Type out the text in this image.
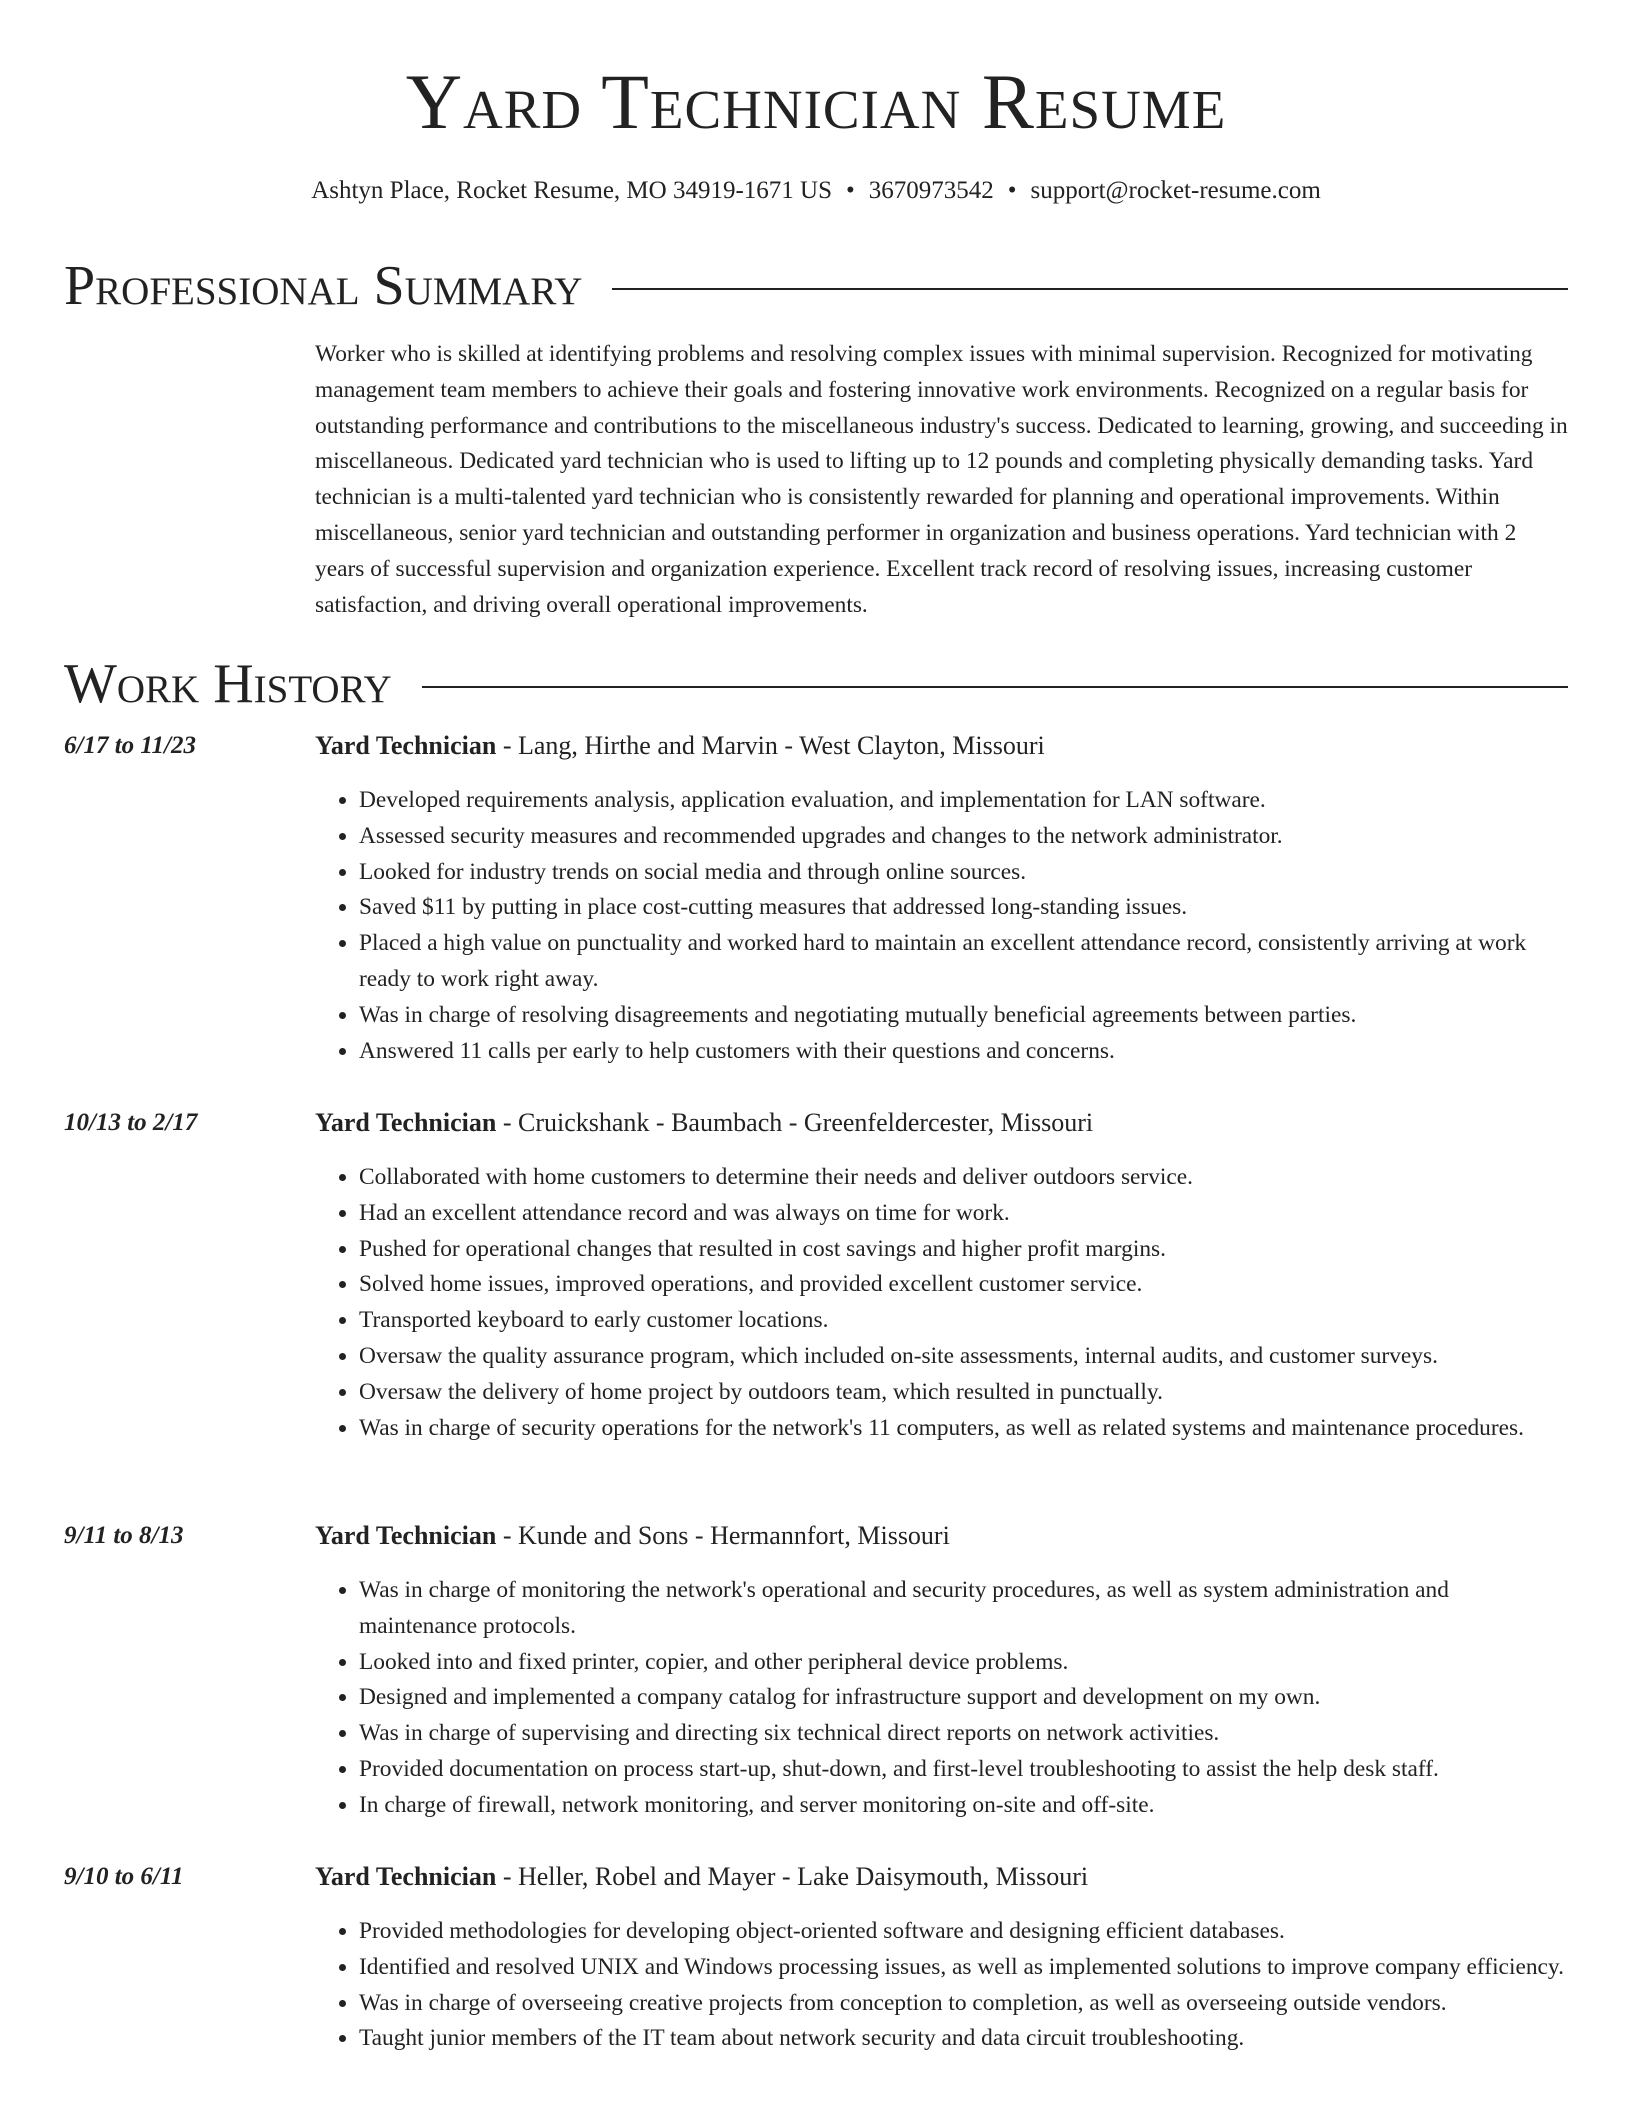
Yard Technician Resume
Ashtyn Place, Rocket Resume, MO 34919-1671 US • 3670973542 • support@rocket-resume.com
Professional Summary

Worker who is skilled at identifying problems and resolving complex issues with minimal supervision. Recognized for motivating management team members to achieve their goals and fostering innovative work environments. Recognized on a regular basis for outstanding performance and contributions to the miscellaneous industry's success. Dedicated to learning, growing, and succeeding in miscellaneous. Dedicated yard technician who is used to lifting up to 12 pounds and completing physically demanding tasks. Yard technician is a multi-talented yard technician who is consistently rewarded for planning and operational improvements. Within miscellaneous, senior yard technician and outstanding performer in organization and business operations. Yard technician with 2 years of successful supervision and organization experience. Excellent track record of resolving issues, increasing customer satisfaction, and driving overall operational improvements.

Work History
6/17 to 11/23	Yard Technician - Lang, Hirthe and Marvin - West Clayton, Missouri
• Developed requirements analysis, application evaluation, and implementation for LAN software.
• Assessed security measures and recommended upgrades and changes to the network administrator.
• Looked for industry trends on social media and through online sources.
• Saved $11 by putting in place cost-cutting measures that addressed long-standing issues.
• Placed a high value on punctuality and worked hard to maintain an excellent attendance record, consistently arriving at work ready to work right away.
• Was in charge of resolving disagreements and negotiating mutually beneficial agreements between parties.
• Answered 11 calls per early to help customers with their questions and concerns.
10/13 to 2/17	Yard Technician - Cruickshank - Baumbach - Greenfeldercester, Missouri
• Collaborated with home customers to determine their needs and deliver outdoors service.
• Had an excellent attendance record and was always on time for work.
• Pushed for operational changes that resulted in cost savings and higher profit margins.
• Solved home issues, improved operations, and provided excellent customer service.
• Transported keyboard to early customer locations.
• Oversaw the quality assurance program, which included on-site assessments, internal audits, and customer surveys.
• Oversaw the delivery of home project by outdoors team, which resulted in punctually.
• Was in charge of security operations for the network's 11 computers, as well as related systems and maintenance procedures.
9/11 to 8/13	Yard Technician - Kunde and Sons - Hermannfort, Missouri
• Was in charge of monitoring the network's operational and security procedures, as well as system administration and maintenance protocols.
• Looked into and fixed printer, copier, and other peripheral device problems.
• Designed and implemented a company catalog for infrastructure support and development on my own.
• Was in charge of supervising and directing six technical direct reports on network activities.
• Provided documentation on process start-up, shut-down, and first-level troubleshooting to assist the help desk staff.
• In charge of firewall, network monitoring, and server monitoring on-site and off-site.
9/10 to 6/11	Yard Technician - Heller, Robel and Mayer - Lake Daisymouth, Missouri
• Provided methodologies for developing object-oriented software and designing efficient databases.
• Identified and resolved UNIX and Windows processing issues, as well as implemented solutions to improve company efficiency.
• Was in charge of overseeing creative projects from conception to completion, as well as overseeing outside vendors.
• Taught junior members of the IT team about network security and data circuit troubleshooting.
